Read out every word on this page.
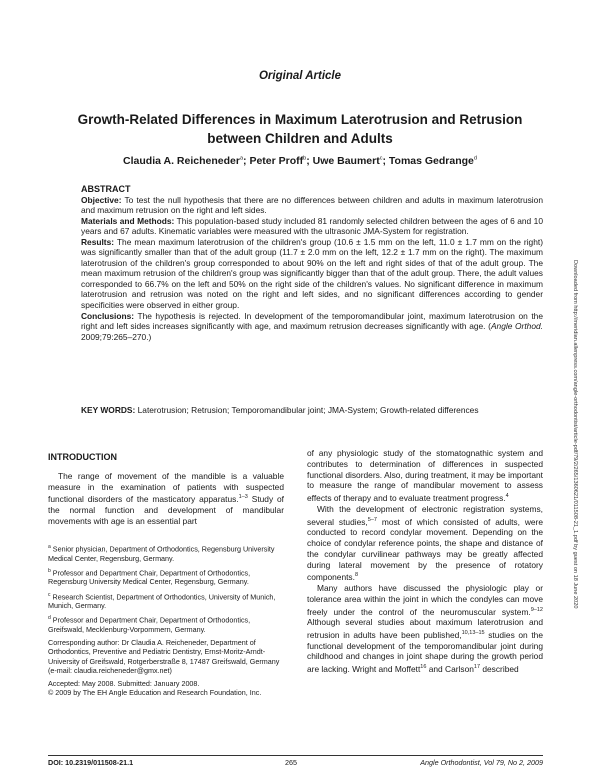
Original Article
Growth-Related Differences in Maximum Laterotrusion and Retrusion between Children and Adults
Claudia A. Reicheneder$^a$; Peter Proff$^b$; Uwe Baumert$^c$; Tomas Gedrange$^d$
ABSTRACT

Objective: To test the null hypothesis that there are no differences between children and adults in maximum laterotrusion and maximum retrusion on the right and left sides.

Materials and Methods: This population-based study included 81 randomly selected children between the ages of 6 and 10 years and 67 adults. Kinematic variables were measured with the ultrasonic JMA-System for registration.

Results: The mean maximum laterotrusion of the children's group (10.6 ± 1.5 mm on the left, 11.0 ± 1.7 mm on the right) was significantly smaller than that of the adult group (11.7 ± 2.0 mm on the left, 12.2 ± 1.7 mm on the right). The maximum laterotrusion of the children's group corresponded to about 90% on the left and right sides of that of the adult group. The mean maximum retrusion of the children's group was significantly bigger than that of the adult group. There, the adult values corresponded to 66.7% on the left and 50% on the right side of the children's values. No significant difference in maximum laterotrusion and retrusion was noted on the right and left sides, and no significant differences according to gender specificities were observed in either group.

Conclusions: The hypothesis is rejected. In development of the temporomandibular joint, maximum laterotrusion on the right and left sides increases significantly with age, and maximum retrusion decreases significantly with age. (Angle Orthod. 2009;79:265–270.)

KEY WORDS: Laterotrusion; Retrusion; Temporomandibular joint; JMA-System; Growth-related differences
INTRODUCTION

The range of movement of the mandible is a valuable measure in the examination of patients with suspected functional disorders of the masticatory apparatus.$^{1-3}$ Study of the normal function and development of mandibular movements with age is an essential part

$^a$ Senior physician, Department of Orthodontics, Regensburg University Medical Center, Regensburg, Germany.

$^b$ Professor and Department Chair, Department of Orthodontics, Regensburg University Medical Center, Regensburg, Germany.

$^c$ Research Scientist, Department of Orthodontics, University of Munich, Munich, Germany.

$^d$ Professor and Department Chair, Department of Orthodontics, Greifswald, Mecklenburg-Vorpommern, Germany.

Corresponding author: Dr Claudia A. Reicheneder, Department of Orthodontics, Preventive and Pediatric Dentistry, Ernst-Moritz-Arndt-University of Greifswald, Rotgerberstraße 8, 17487 Greifswald, Germany

(e-mail: claudia.reicheneder@gmx.net)

Accepted: May 2008. Submitted: January 2008.

© 2009 by The EH Angle Education and Research Foundation, Inc.

of any physiologic study of the stomatognathic system and contributes to determination of differences in suspected functional disorders. Also, during treatment, it may be important to measure the range of mandibular movement to assess effects of therapy and to evaluate treatment progress.$^4$

With the development of electronic registration systems, several studies,$^{5-7}$ most of which consisted of adults, were conducted to record condylar movement. Depending on the choice of condylar reference points, the shape and distance of the condylar curvilinear pathways may be greatly affected during lateral movement by the presence of rotatory components.$^8$

Many authors have discussed the physiologic play or tolerance area within the joint in which the condyles can move freely under the control of the neuromuscular system.$^{9-12}$ Although several studies about maximum laterotrusion and retrusion in adults have been published,$^{10,13-15}$ studies on the functional development of the temporomandibular joint during childhood and changes in joint shape during the growth period are lacking. Wright and Moffett$^{16}$ and Carlson$^{17}$ described

DOI: 10.2319/011508-21.1	265	Angle Orthodontist, Vol 79, No 2, 2009
Downloaded from http://meridian.allenpress.com/angle-orthodontist/article-pdf/79/2/265/1360621/011508-21_1.pdf by guest on 18 June 2020
